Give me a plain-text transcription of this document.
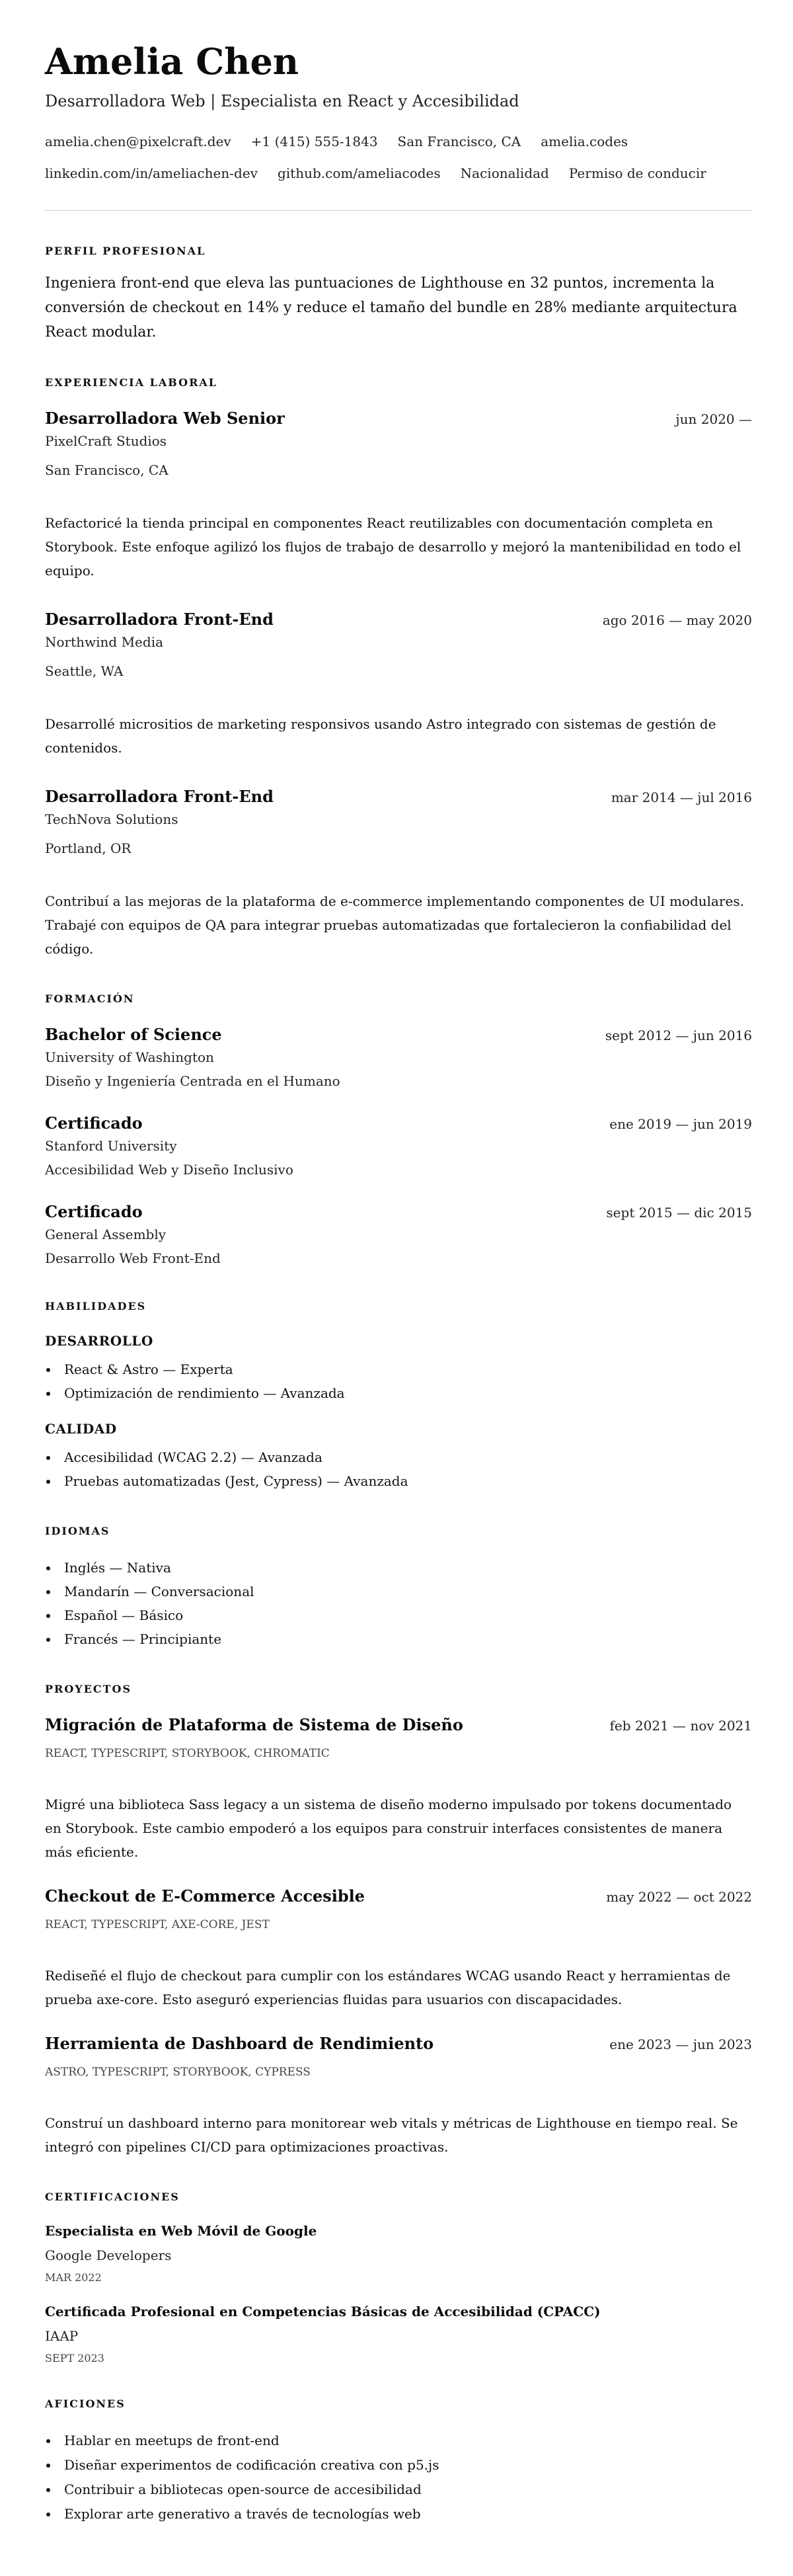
Amelia Chen
Desarrolladora Web | Especialista en React y Accesibilidad
amelia.chen@pixelcraft.dev +1 (415) 555-1843 San Francisco, CA amelia.codes
linkedin.com/in/ameliachen-dev github.com/ameliacodes Nacionalidad Permiso de conducir
PERFIL PROFESIONAL

Ingeniera front-end que eleva las puntuaciones de Lighthouse en 32 puntos, incrementa la conversión de checkout en 14% y reduce el tamaño del bundle en 28% mediante arquitectura React modular.

EXPERIENCIA LABORAL
Desarrolladora Web Senior	jun 2020 —
PixelCraft Studios
San Francisco, CA

Refactoricé la tienda principal en componentes React reutilizables con documentación completa en Storybook. Este enfoque agilizó los flujos de trabajo de desarrollo y mejoró la mantenibilidad en todo el equipo.

Desarrolladora Front-End	ago 2016 — may 2020
Northwind Media
Seattle, WA

Desarrollé micrositios de marketing responsivos usando Astro integrado con sistemas de gestión de contenidos.

Desarrolladora Front-End	mar 2014 — jul 2016
TechNova Solutions
Portland, OR

Contribuí a las mejoras de la plataforma de e-commerce implementando componentes de UI modulares. Trabajé con equipos de QA para integrar pruebas automatizadas que fortalecieron la confiabilidad del código.

FORMACIÓN
Bachelor of Science	sept 2012 — jun 2016
University of Washington
Diseño y Ingeniería Centrada en el Humano
Certificado	ene 2019 — jun 2019
Stanford University
Accesibilidad Web y Diseño Inclusivo
Certificado	sept 2015 — dic 2015
General Assembly
Desarrollo Web Front-End
HABILIDADES
DESARROLLO
React & Astro — Experta
Optimización de rendimiento — Avanzada
CALIDAD
Accesibilidad (WCAG 2.2) — Avanzada
Pruebas automatizadas (Jest, Cypress) — Avanzada
IDIOMAS
Inglés — Nativa
Mandarín — Conversacional
Español — Básico
Francés — Principiante
PROYECTOS
Migración de Plataforma de Sistema de Diseño	feb 2021 — nov 2021
REACT, TYPESCRIPT, STORYBOOK, CHROMATIC

Migré una biblioteca Sass legacy a un sistema de diseño moderno impulsado por tokens documentado en Storybook. Este cambio empoderó a los equipos para construir interfaces consistentes de manera más eficiente.

Checkout de E-Commerce Accesible	may 2022 — oct 2022
REACT, TYPESCRIPT, AXE-CORE, JEST

Rediseñé el flujo de checkout para cumplir con los estándares WCAG usando React y herramientas de prueba axe-core. Esto aseguró experiencias fluidas para usuarios con discapacidades.

Herramienta de Dashboard de Rendimiento	ene 2023 — jun 2023
ASTRO, TYPESCRIPT, STORYBOOK, CYPRESS

Construí un dashboard interno para monitorear web vitals y métricas de Lighthouse en tiempo real. Se integró con pipelines CI/CD para optimizaciones proactivas.

CERTIFICACIONES
Especialista en Web Móvil de Google
Google Developers
MAR 2022
Certificada Profesional en Competencias Básicas de Accesibilidad (CPACC)
IAAP
SEPT 2023
AFICIONES
Hablar en meetups de front-end
Diseñar experimentos de codificación creativa con p5.js
Contribuir a bibliotecas open-source de accesibilidad
Explorar arte generativo a través de tecnologías web
